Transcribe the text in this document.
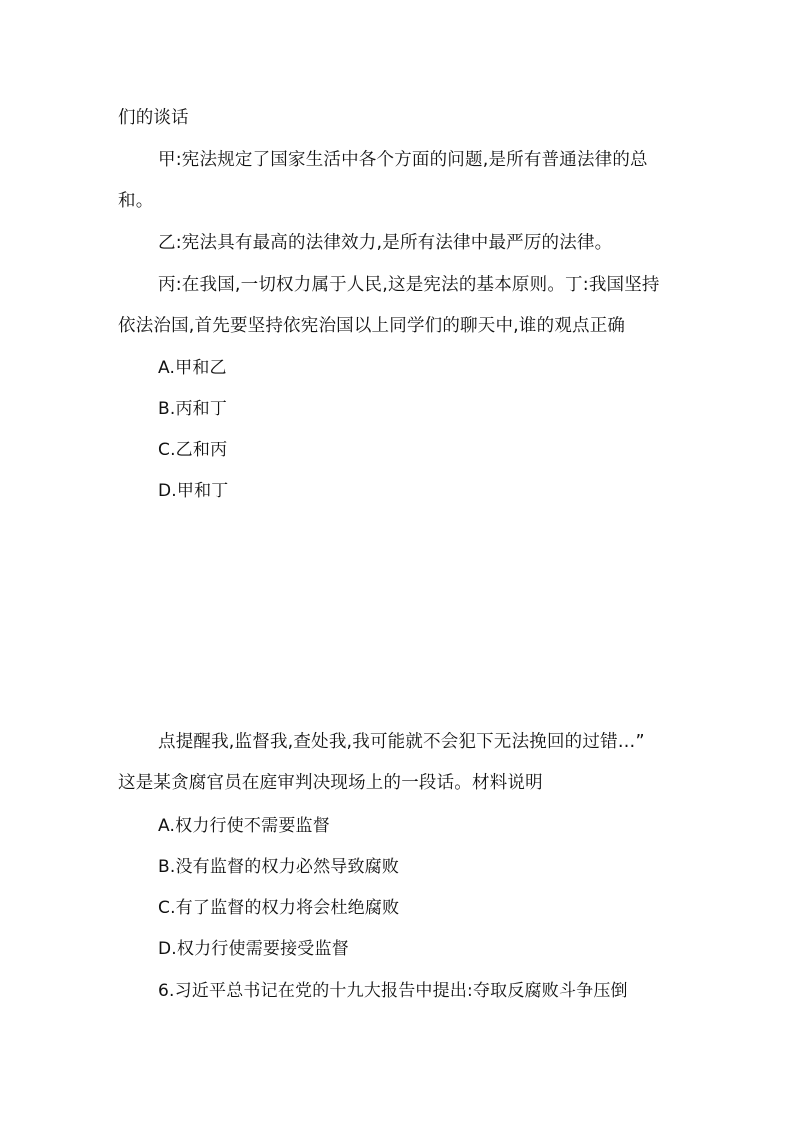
们的谈话
甲:宪法规定了国家生活中各个方面的问题,是所有普通法律的总
和。
乙:宪法具有最高的法律效力,是所有法律中最严厉的法律。
丙:在我国,一切权力属于人民,这是宪法的基本原则。丁:我国坚持
依法治国,首先要坚持依宪治国以上同学们的聊天中,谁的观点正确
A.甲和乙
B.丙和丁
C.乙和丙
D.甲和丁
点提醒我,监督我,查处我,我可能就不会犯下无法挽回的过错…”
这是某贪腐官员在庭审判决现场上的一段话。材料说明
A.权力行使不需要监督
B.没有监督的权力必然导致腐败
C.有了监督的权力将会杜绝腐败
D.权力行使需要接受监督
6.习近平总书记在党的十九大报告中提出:夺取反腐败斗争压倒
